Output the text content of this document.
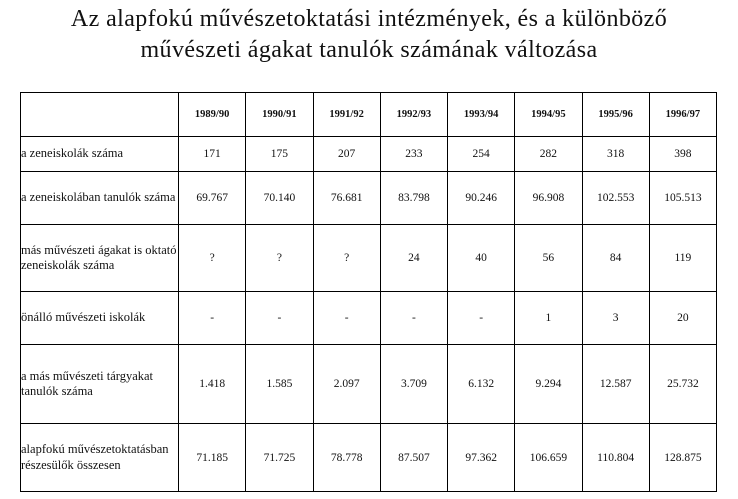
Az alapfokú művészetoktatási intézmények, és a különböző
művészeti ágakat tanulók számának változása
	1989/90	1990/91	1991/92	1992/93	1993/94	1994/95	1995/96	1996/97
a zeneiskolák száma	171	175	207	233	254	282	318	398
a zeneiskolában tanulók száma	69.767	70.140	76.681	83.798	90.246	96.908	102.553	105.513
más művészeti ágakat is oktató zeneiskolák száma	?	?	?	24	40	56	84	119
önálló művészeti iskolák	-	-	-	-	-	1	3	20
a más művészeti tárgyakat tanulók száma	1.418	1.585	2.097	3.709	6.132	9.294	12.587	25.732
alapfokú művészetoktatásban részesülők összesen	71.185	71.725	78.778	87.507	97.362	106.659	110.804	128.875
